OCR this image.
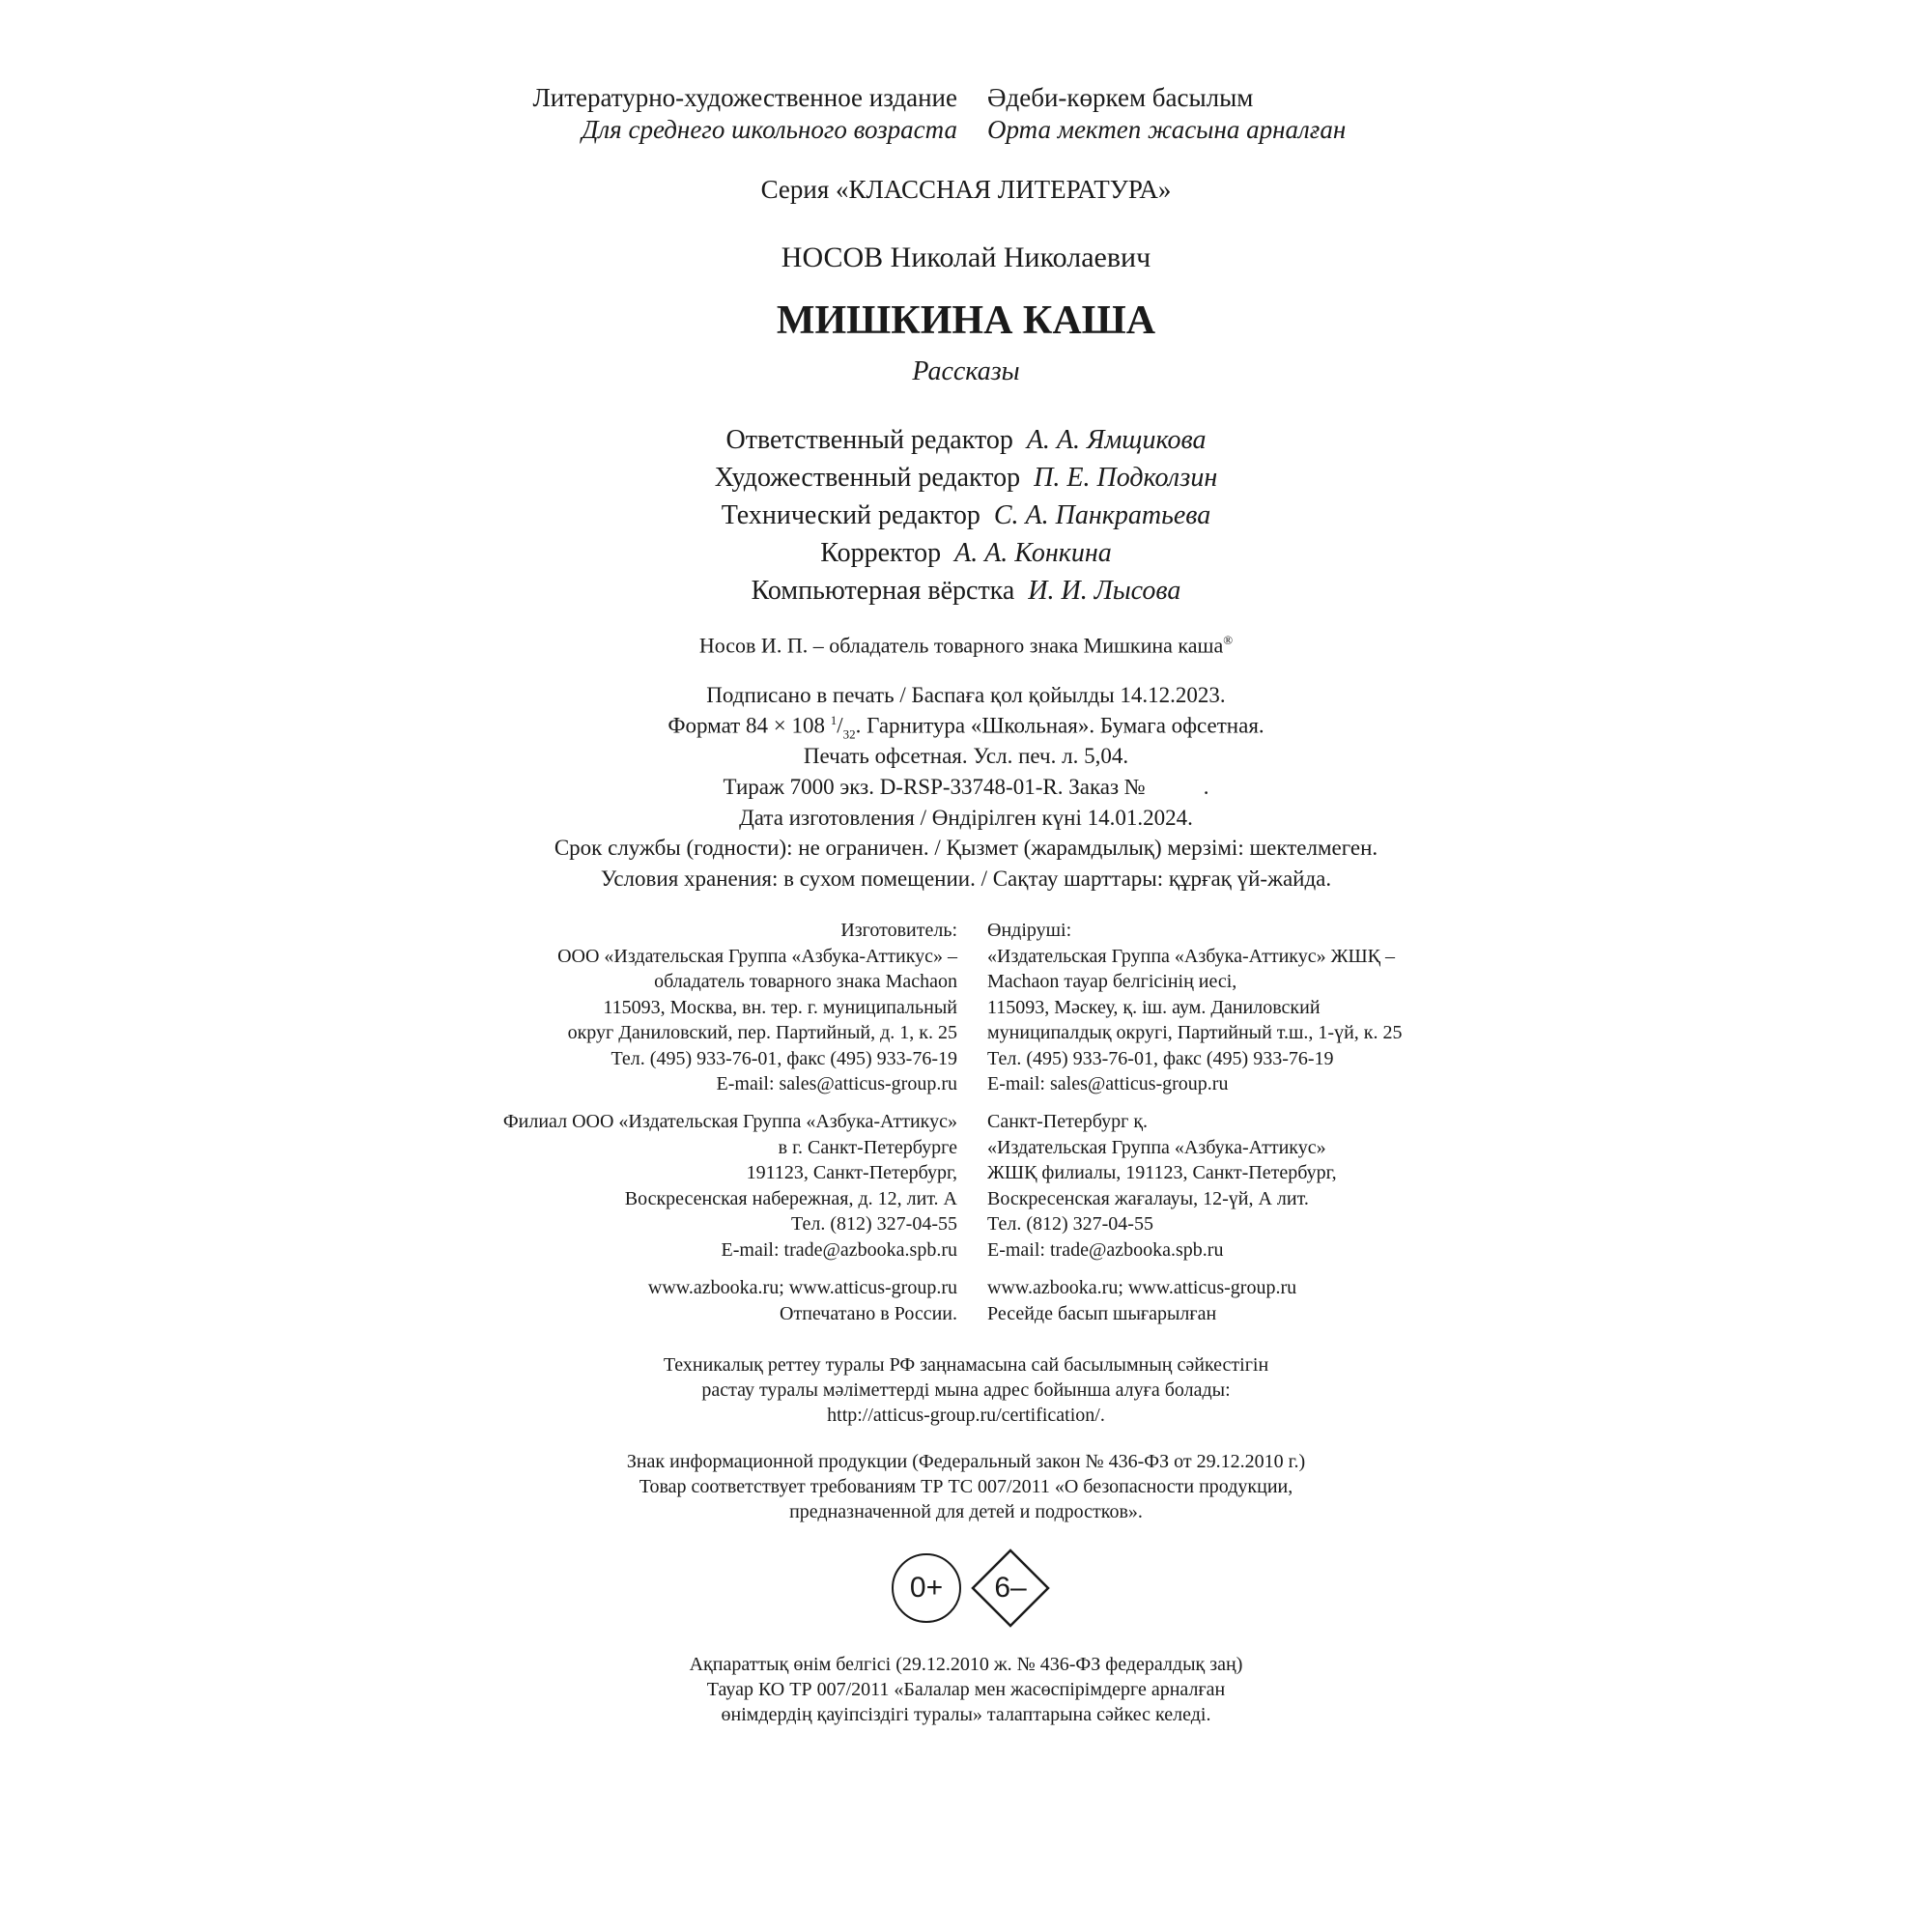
Литературно-художественное издание
Для среднего школьного возраста
Әдеби-көркем басылым
Орта мектеп жасына арналған
Серия «КЛАССНАЯ ЛИТЕРАТУРА»
НОСОВ Николай Николаевич
МИШКИНА КАША
Рассказы
Ответственный редактор А. А. Ямщикова
Художественный редактор П. Е. Подколзин
Технический редактор С. А. Панкратьева
Корректор А. А. Конкина
Компьютерная вёрстка И. И. Лысова
Носов И. П. – обладатель товарного знака Мишкина каша®
Подписано в печать / Баспаға қол қойылды 14.12.2023.
Формат 84 × 108 $^1/_{32}$. Гарнитура «Школьная». Бумага офсетная.
Печать офсетная. Усл. печ. л. 5,04.
Тираж 7000 экз. D-RSP-33748-01-R. Заказ №	.
Дата изготовления / Өндірілген күні 14.01.2024.
Срок службы (годности): не ограничен. / Қызмет (жарамдылық) мерзімі: шектелмеген.
Условия хранения: в сухом помещении. / Сақтау шарттары: құрғақ үй-жайда.
Изготовитель:
ООО «Издательская Группа «Азбука-Аттикус» –
обладатель товарного знака Machaon
115093, Москва, вн. тер. г. муниципальный
округ Даниловский, пер. Партийный, д. 1, к. 25
Тел. (495) 933-76-01, факс (495) 933-76-19
E-mail: sales@atticus-group.ru
Өндіруші:
«Издательская Группа «Азбука-Аттикус» ЖШҚ –
Machaon тауар белгісінің иесі,
115093, Мәскеу, қ. іш. аум. Даниловский
муниципалдық округі, Партийный т.ш., 1-үй, к. 25
Тел. (495) 933-76-01, факс (495) 933-76-19
E-mail: sales@atticus-group.ru
Филиал ООО «Издательская Группа «Азбука-Аттикус»
в г. Санкт-Петербурге
191123, Санкт-Петербург,
Воскресенская набережная, д. 12, лит. А
Тел. (812) 327-04-55
E-mail: trade@azbooka.spb.ru
Санкт-Петербург қ.
«Издательская Группа «Азбука-Аттикус»
ЖШҚ филиалы, 191123, Санкт-Петербург,
Воскресенская жағалауы, 12-үй, А лит.
Тел. (812) 327-04-55
E-mail: trade@azbooka.spb.ru
www.azbooka.ru; www.atticus-group.ru
Отпечатано в России.
www.azbooka.ru; www.atticus-group.ru
Ресейде басып шығарылған
Техникалық реттеу туралы РФ заңнамасына сай басылымның сәйкестігін
растау туралы мәліметтерді мына адрес бойынша алуға болады:
http://atticus-group.ru/certification/.
Знак информационной продукции (Федеральный закон № 436-ФЗ от 29.12.2010 г.)
Товар соответствует требованиям ТР ТС 007/2011 «О безопасности продукции,
предназначенной для детей и подростков».
0+	6–
Ақпараттық өнім белгісі (29.12.2010 ж. № 436-ФЗ федералдық заң)
Тауар КО ТР 007/2011 «Балалар мен жасөспірімдерге арналған
өнімдердің қауіпсіздігі туралы» талаптарына сәйкес келеді.
